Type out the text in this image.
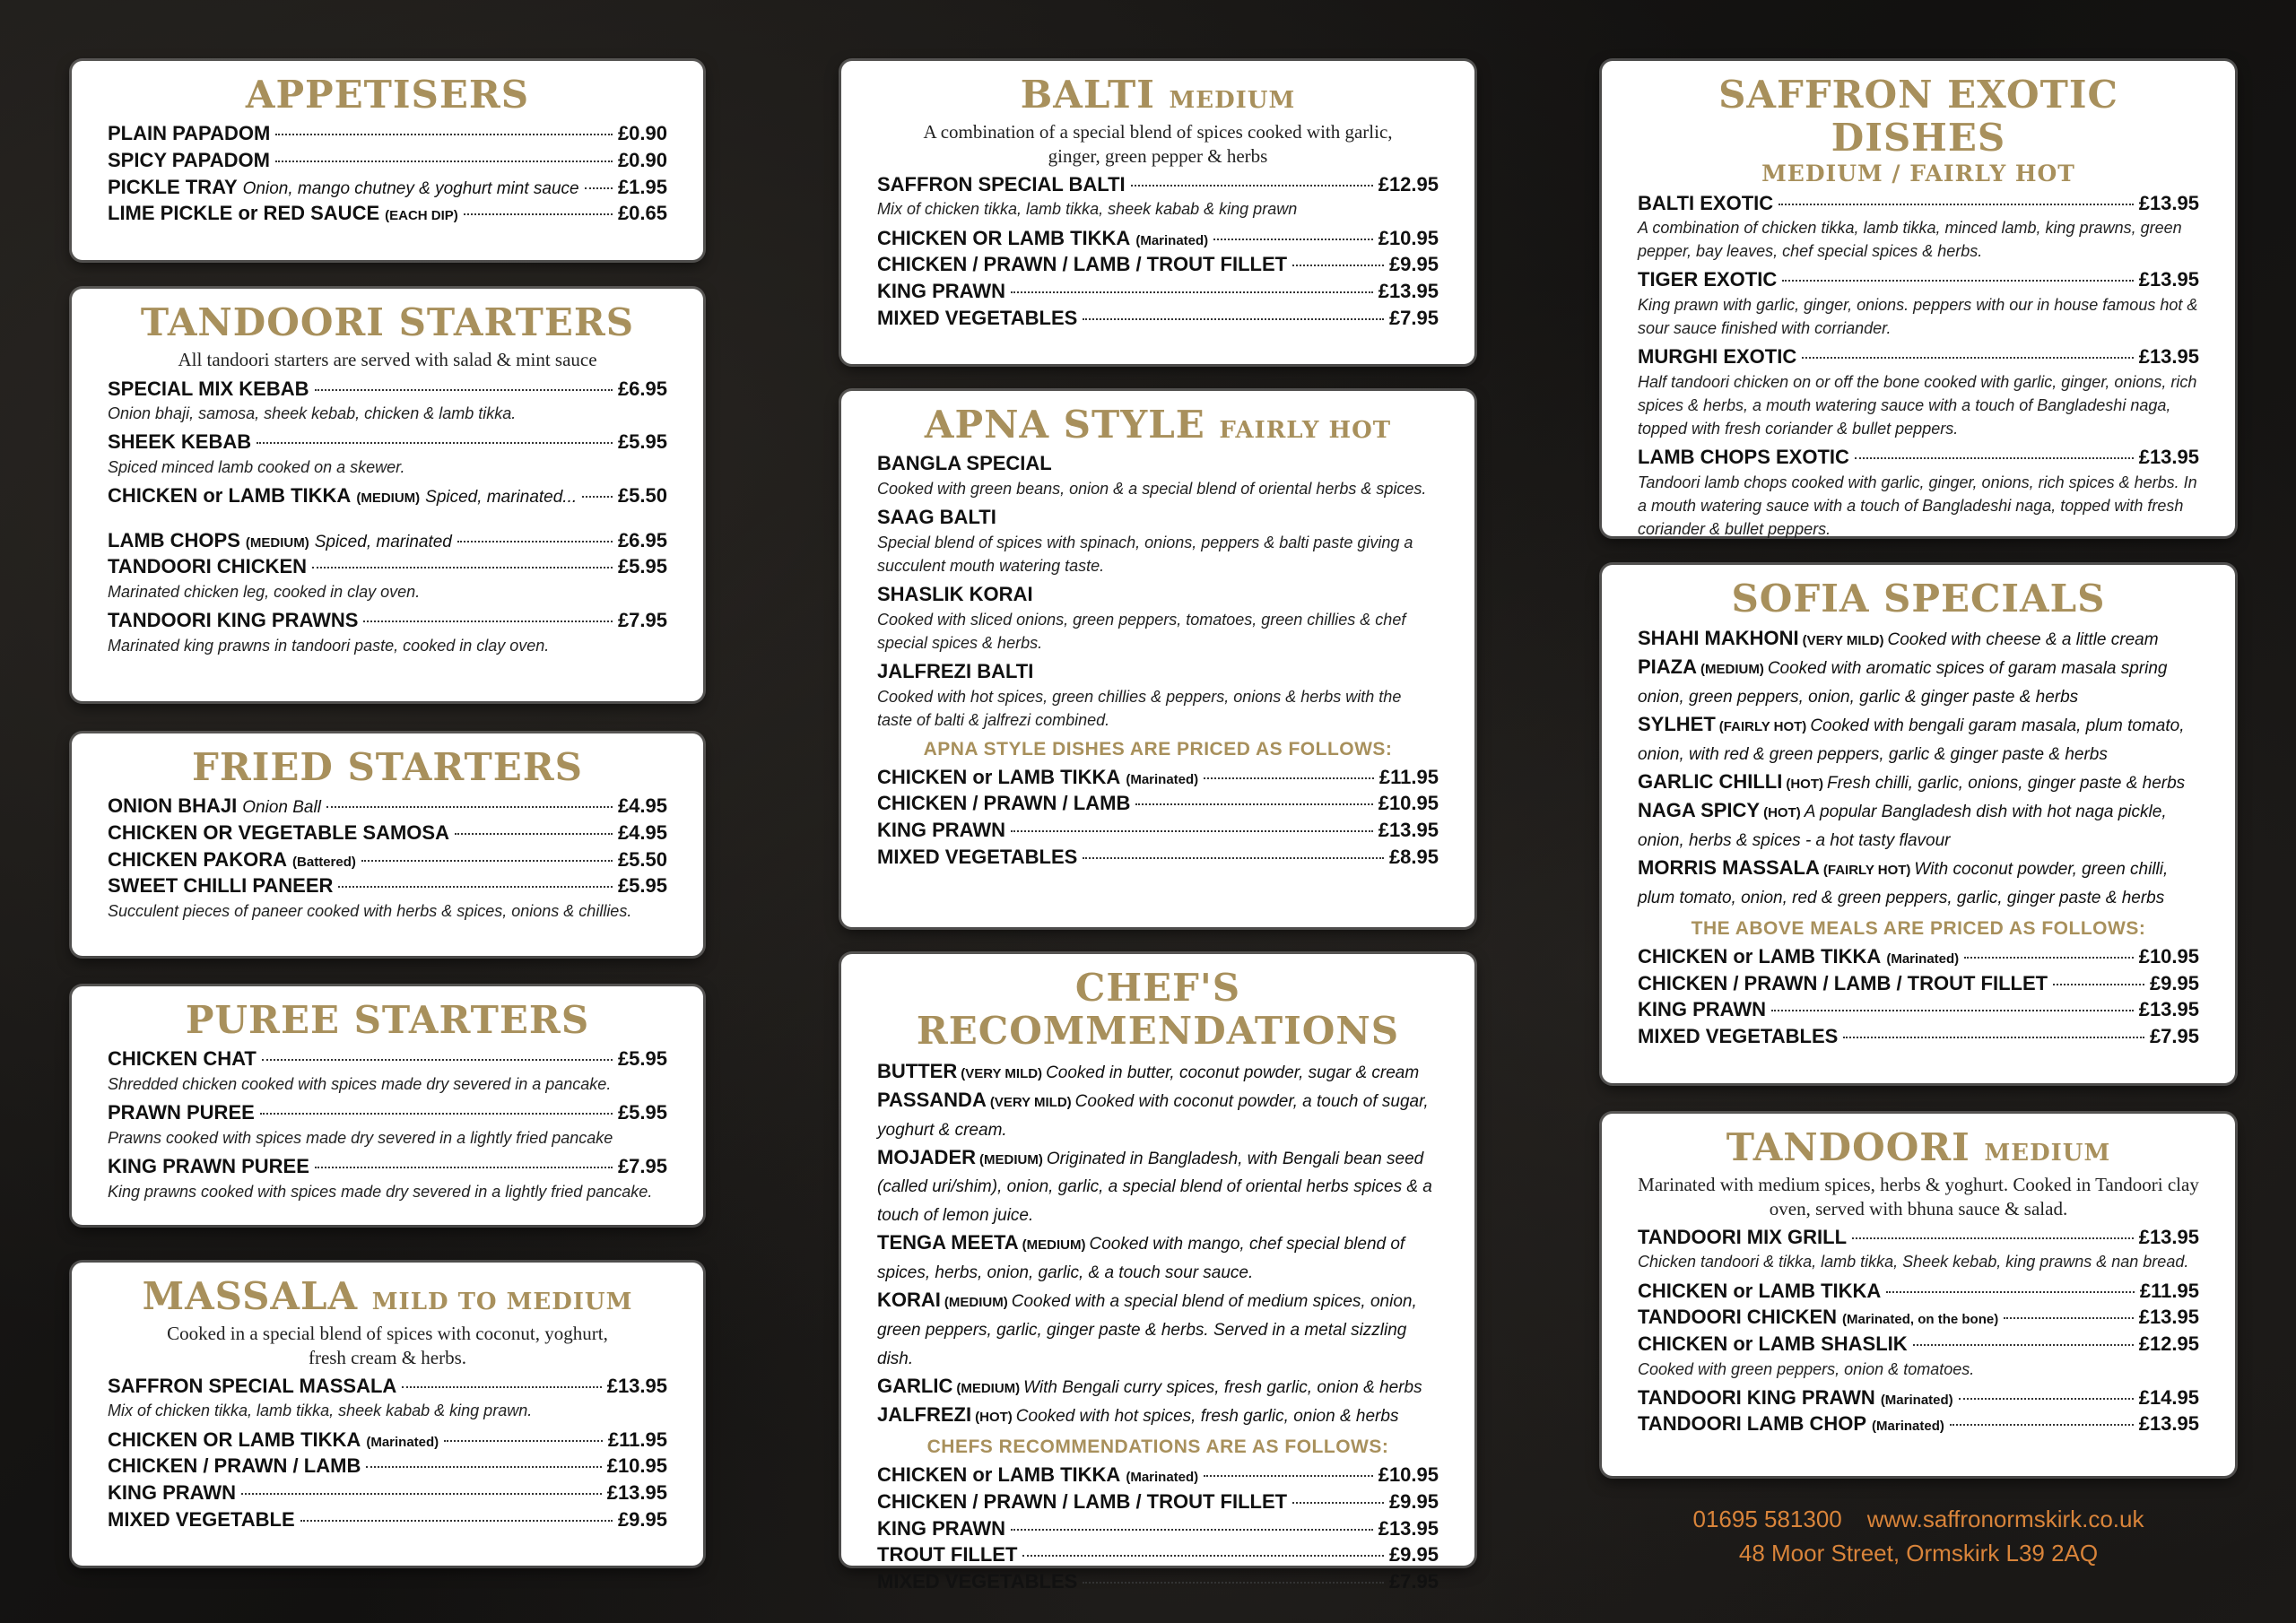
APPETISERS
PLAIN PAPADOM	£0.90
SPICY PAPADOM	£0.90
PICKLE TRAY Onion, mango chutney & yoghurt mint sauce £1.95
LIME PICKLE or RED SAUCE (EACH DIP)	£0.65
TANDOORI STARTERS
All tandoori starters are served with salad & mint sauce
SPECIAL MIX KEBAB	£6.95
Onion bhaji, samosa, sheek kebab, chicken & lamb tikka.
SHEEK KEBAB	£5.95
Spiced minced lamb cooked on a skewer.
CHICKEN or LAMB TIKKA (MEDIUM) Spiced, marinated... £5.50
LAMB CHOPS (MEDIUM) Spiced, marinated	£6.95
TANDOORI CHICKEN	£5.95
Marinated chicken leg, cooked in clay oven.
TANDOORI KING PRAWNS	£7.95
Marinated king prawns in tandoori paste, cooked in clay oven.
FRIED STARTERS
ONION BHAJI Onion Ball	£4.95
CHICKEN OR VEGETABLE SAMOSA	£4.95
CHICKEN PAKORA (Battered)	£5.50
SWEET CHILLI PANEER	£5.95
Succulent pieces of paneer cooked with herbs & spices, onions & chillies.
PUREE STARTERS
CHICKEN CHAT	£5.95
Shredded chicken cooked with spices made dry severed in a pancake.
PRAWN PUREE	£5.95
Prawns cooked with spices made dry severed in a lightly fried pancake
KING PRAWN PUREE	£7.95
King prawns cooked with spices made dry severed in a lightly fried pancake.
MASSALA MILD TO MEDIUM
Cooked in a special blend of spices with coconut, yoghurt, fresh cream & herbs.
SAFFRON SPECIAL MASSALA	£13.95
Mix of chicken tikka, lamb tikka, sheek kabab & king prawn.
CHICKEN OR LAMB TIKKA (Marinated)	£11.95
CHICKEN / PRAWN / LAMB	£10.95
KING PRAWN	£13.95
MIXED VEGETABLE	£9.95
BALTI MEDIUM
A combination of a special blend of spices cooked with garlic, ginger, green pepper & herbs
SAFFRON SPECIAL BALTI	£12.95
Mix of chicken tikka, lamb tikka, sheek kabab & king prawn
CHICKEN OR LAMB TIKKA (Marinated)	£10.95
CHICKEN / PRAWN / LAMB / TROUT FILLET	£9.95
KING PRAWN	£13.95
MIXED VEGETABLES	£7.95
APNA STYLE FAIRLY HOT
BANGLA SPECIAL
Cooked with green beans, onion & a special blend of oriental herbs & spices.
SAAG BALTI
Special blend of spices with spinach, onions, peppers & balti paste giving a succulent mouth watering taste.
SHASLIK KORAI
Cooked with sliced onions, green peppers, tomatoes, green chillies & chef special spices & herbs.
JALFREZI BALTI
Cooked with hot spices, green chillies & peppers, onions & herbs with the taste of balti & jalfrezi combined.
APNA STYLE DISHES ARE PRICED AS FOLLOWS:
CHICKEN or LAMB TIKKA (Marinated)	£11.95
CHICKEN / PRAWN / LAMB	£10.95
KING PRAWN	£13.95
MIXED VEGETABLES	£8.95
CHEF'S RECOMMENDATIONS
BUTTER (VERY MILD) Cooked in butter, coconut powder, sugar & cream
PASSANDA (VERY MILD) Cooked with coconut powder, a touch of sugar, yoghurt & cream.
MOJADER (MEDIUM) Originated in Bangladesh, with Bengali bean seed (called uri/shim), onion, garlic, a special blend of oriental herbs spices & a touch of lemon juice.
TENGA MEETA (MEDIUM) Cooked with mango, chef special blend of spices, herbs, onion, garlic, & a touch sour sauce.
KORAI (MEDIUM) Cooked with a special blend of medium spices, onion, green peppers, garlic, ginger paste & herbs. Served in a metal sizzling dish.
GARLIC (MEDIUM) With Bengali curry spices, fresh garlic, onion & herbs
JALFREZI (HOT) Cooked with hot spices, fresh garlic, onion & herbs
CHEFS RECOMMENDATIONS ARE AS FOLLOWS:
CHICKEN or LAMB TIKKA (Marinated)	£10.95
CHICKEN / PRAWN / LAMB / TROUT FILLET	£9.95
KING PRAWN	£13.95
TROUT FILLET	£9.95
MIXED VEGETABLES	£7.95
SAFFRON EXOTIC DISHES
MEDIUM / FAIRLY HOT
BALTI EXOTIC	£13.95
A combination of chicken tikka, lamb tikka, minced lamb, king prawns, green pepper, bay leaves, chef special spices & herbs.
TIGER EXOTIC	£13.95
King prawn with garlic, ginger, onions. peppers with our in house famous hot & sour sauce finished with corriander.
MURGHI EXOTIC	£13.95
Half tandoori chicken on or off the bone cooked with garlic, ginger, onions, rich spices & herbs, a mouth watering sauce with a touch of Bangladeshi naga, topped with fresh coriander & bullet peppers.
LAMB CHOPS EXOTIC	£13.95
Tandoori lamb chops cooked with garlic, ginger, onions, rich spices & herbs. In a mouth watering sauce with a touch of Bangladeshi naga, topped with fresh coriander & bullet peppers.
SOFIA SPECIALS
SHAHI MAKHONI (VERY MILD) Cooked with cheese & a little cream
PIAZA (MEDIUM) Cooked with aromatic spices of garam masala spring onion, green peppers, onion, garlic & ginger paste & herbs
SYLHET (FAIRLY HOT) Cooked with bengali garam masala, plum tomato, onion, with red & green peppers, garlic & ginger paste & herbs
GARLIC CHILLI (HOT) Fresh chilli, garlic, onions, ginger paste & herbs
NAGA SPICY (HOT) A popular Bangladesh dish with hot naga pickle, onion, herbs & spices - a hot tasty flavour
MORRIS MASSALA (FAIRLY HOT) With coconut powder, green chilli, plum tomato, onion, red & green peppers, garlic, ginger paste & herbs
THE ABOVE MEALS ARE PRICED AS FOLLOWS:
CHICKEN or LAMB TIKKA (Marinated)	£10.95
CHICKEN / PRAWN / LAMB / TROUT FILLET	£9.95
KING PRAWN	£13.95
MIXED VEGETABLES	£7.95
TANDOORI MEDIUM
Marinated with medium spices, herbs & yoghurt. Cooked in Tandoori clay oven, served with bhuna sauce & salad.
TANDOORI MIX GRILL	£13.95
Chicken tandoori & tikka, lamb tikka, Sheek kebab, king prawns & nan bread.
CHICKEN or LAMB TIKKA	£11.95
TANDOORI CHICKEN (Marinated, on the bone)	£13.95
CHICKEN or LAMB SHASLIK	£12.95
Cooked with green peppers, onion & tomatoes.
TANDOORI KING PRAWN (Marinated)	£14.95
TANDOORI LAMB CHOP (Marinated)	£13.95
01695 581300 www.saffronormskirk.co.uk
48 Moor Street, Ormskirk L39 2AQ
